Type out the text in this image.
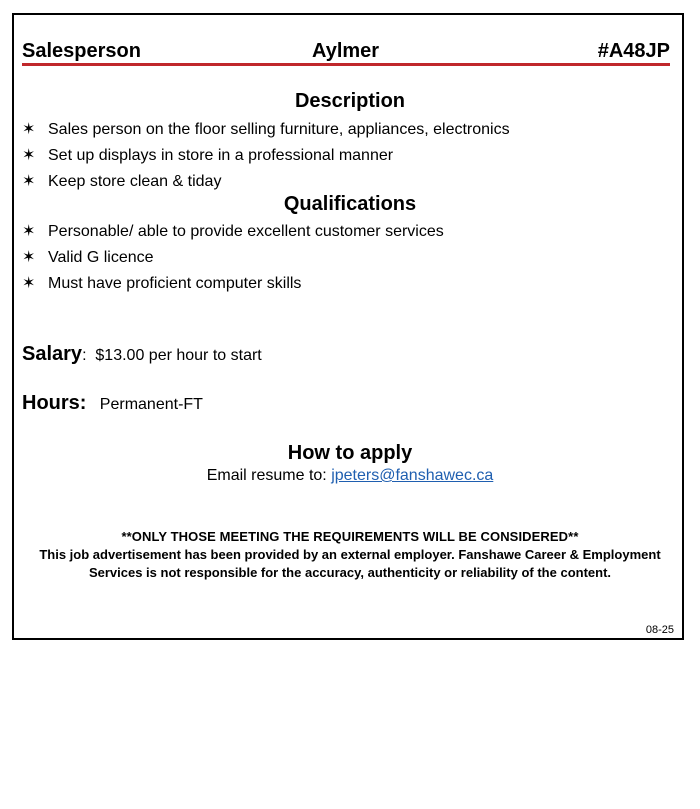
Salesperson	Aylmer	#A48JP
Description
✶ Sales person on the floor selling furniture, appliances, electronics
✶ Set up displays in store in a professional manner
✶ Keep store clean & tiday
Qualifications
✶ Personable/ able to provide excellent customer services
✶ Valid G licence
✶ Must have proficient computer skills
Salary: $13.00 per hour to start
Hours: Permanent-FT
How to apply
Email resume to: jpeters@fanshawec.ca
**ONLY THOSE MEETING THE REQUIREMENTS WILL BE CONSIDERED**
This job advertisement has been provided by an external employer. Fanshawe Career & Employment Services is not responsible for the accuracy, authenticity or reliability of the content.
08-25
